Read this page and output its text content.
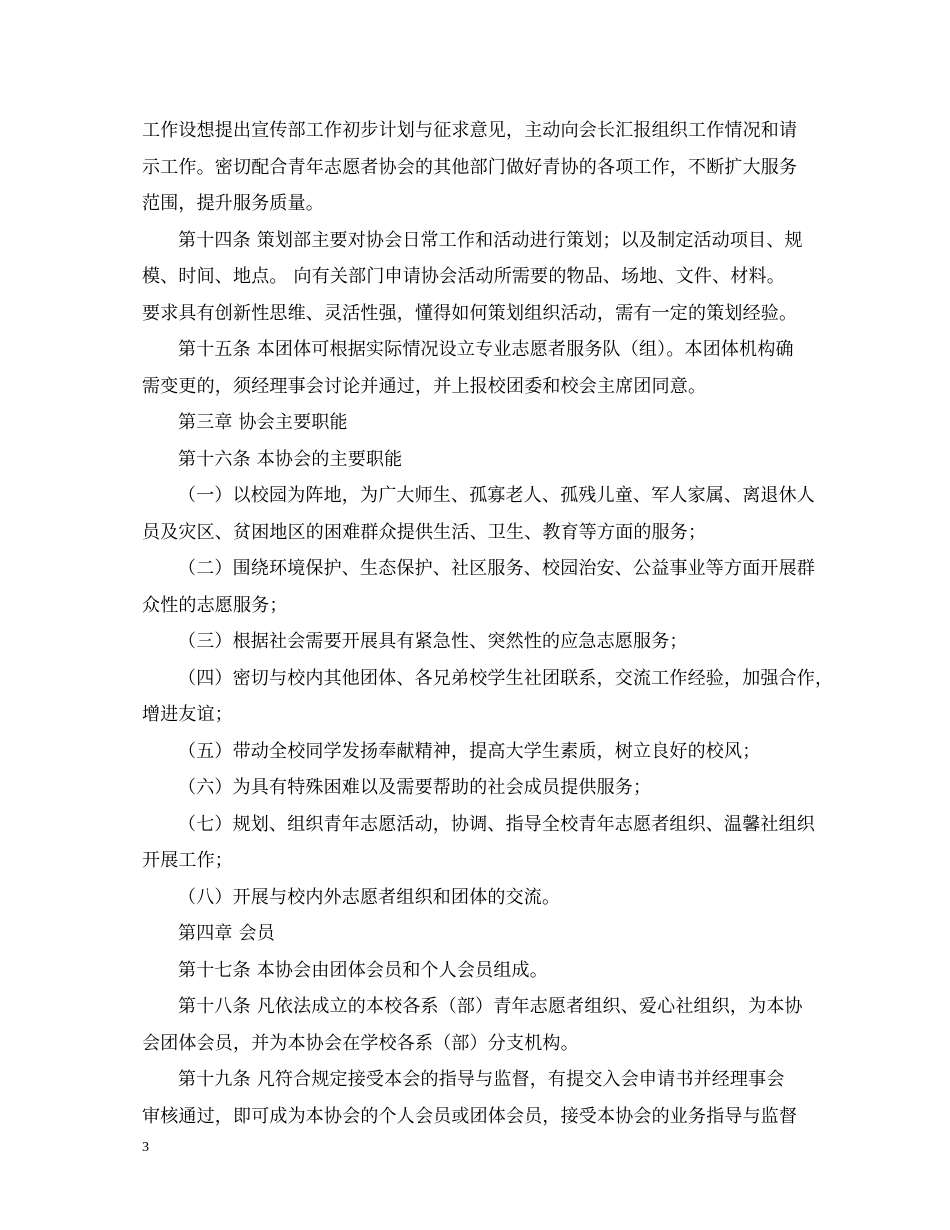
工作设想提出宣传部工作初步计划与征求意见，主动向会长汇报组织工作情况和请
示工作。密切配合青年志愿者协会的其他部门做好青协的各项工作，不断扩大服务
范围，提升服务质量。
第十四条 策划部主要对协会日常工作和活动进行策划；以及制定活动项目、规
模、时间、地点。 向有关部门申请协会活动所需要的物品、场地、文件、材料。
要求具有创新性思维、灵活性强，懂得如何策划组织活动，需有一定的策划经验。
第十五条 本团体可根据实际情况设立专业志愿者服务队（组）。本团体机构确
需变更的，须经理事会讨论并通过，并上报校团委和校会主席团同意。
第三章 协会主要职能
第十六条 本协会的主要职能
（一）以校园为阵地，为广大师生、孤寡老人、孤残儿童、军人家属、离退休人
员及灾区、贫困地区的困难群众提供生活、卫生、教育等方面的服务；
（二）围绕环境保护、生态保护、社区服务、校园治安、公益事业等方面开展群
众性的志愿服务；
（三）根据社会需要开展具有紧急性、突然性的应急志愿服务；
（四）密切与校内其他团体、各兄弟校学生社团联系，交流工作经验，加强合作，
增进友谊；
（五）带动全校同学发扬奉献精神，提高大学生素质，树立良好的校风；
（六）为具有特殊困难以及需要帮助的社会成员提供服务；
（七）规划、组织青年志愿活动，协调、指导全校青年志愿者组织、温馨社组织
开展工作；
（八）开展与校内外志愿者组织和团体的交流。
第四章 会员
第十七条 本协会由团体会员和个人会员组成。
第十八条 凡依法成立的本校各系（部）青年志愿者组织、爱心社组织，为本协
会团体会员，并为本协会在学校各系（部）分支机构。
第十九条 凡符合规定接受本会的指导与监督，有提交入会申请书并经理事会
审核通过，即可成为本协会的个人会员或团体会员，接受本协会的业务指导与监督
3
